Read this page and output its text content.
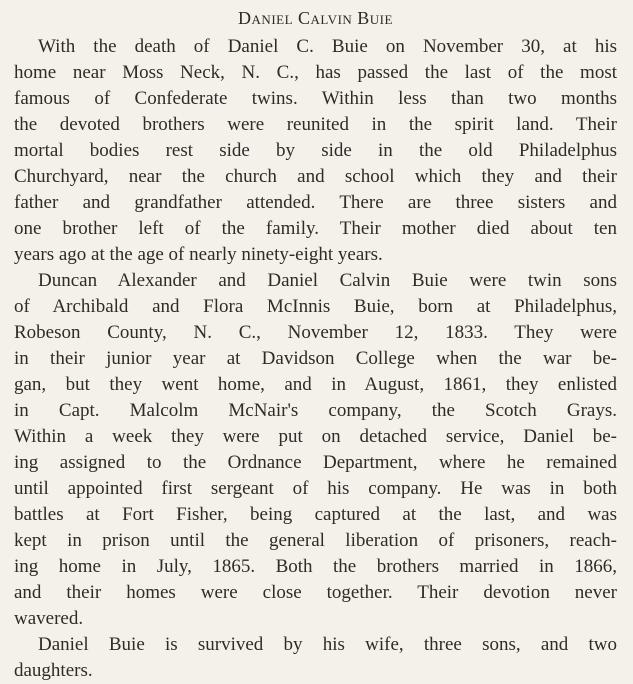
Daniel Calvin Buie
With the death of Daniel C. Buie on November 30, at his
home near Moss Neck, N. C., has passed the last of the most
famous of Confederate twins. Within less than two months
the devoted brothers were reunited in the spirit land. Their
mortal bodies rest side by side in the old Philadelphus
Churchyard, near the church and school which they and their
father and grandfather attended. There are three sisters and
one brother left of the family. Their mother died about ten
years ago at the age of nearly ninety-eight years.
Duncan Alexander and Daniel Calvin Buie were twin sons
of Archibald and Flora McInnis Buie, born at Philadelphus,
Robeson County, N. C., November 12, 1833. They were
in their junior year at Davidson College when the war be-
gan, but they went home, and in August, 1861, they enlisted
in Capt. Malcolm McNair's company, the Scotch Grays.
Within a week they were put on detached service, Daniel be-
ing assigned to the Ordnance Department, where he remained
until appointed first sergeant of his company. He was in both
battles at Fort Fisher, being captured at the last, and was
kept in prison until the general liberation of prisoners, reach-
ing home in July, 1865. Both the brothers married in 1866,
and their homes were close together. Their devotion never
wavered.
Daniel Buie is survived by his wife, three sons, and two
daughters.
